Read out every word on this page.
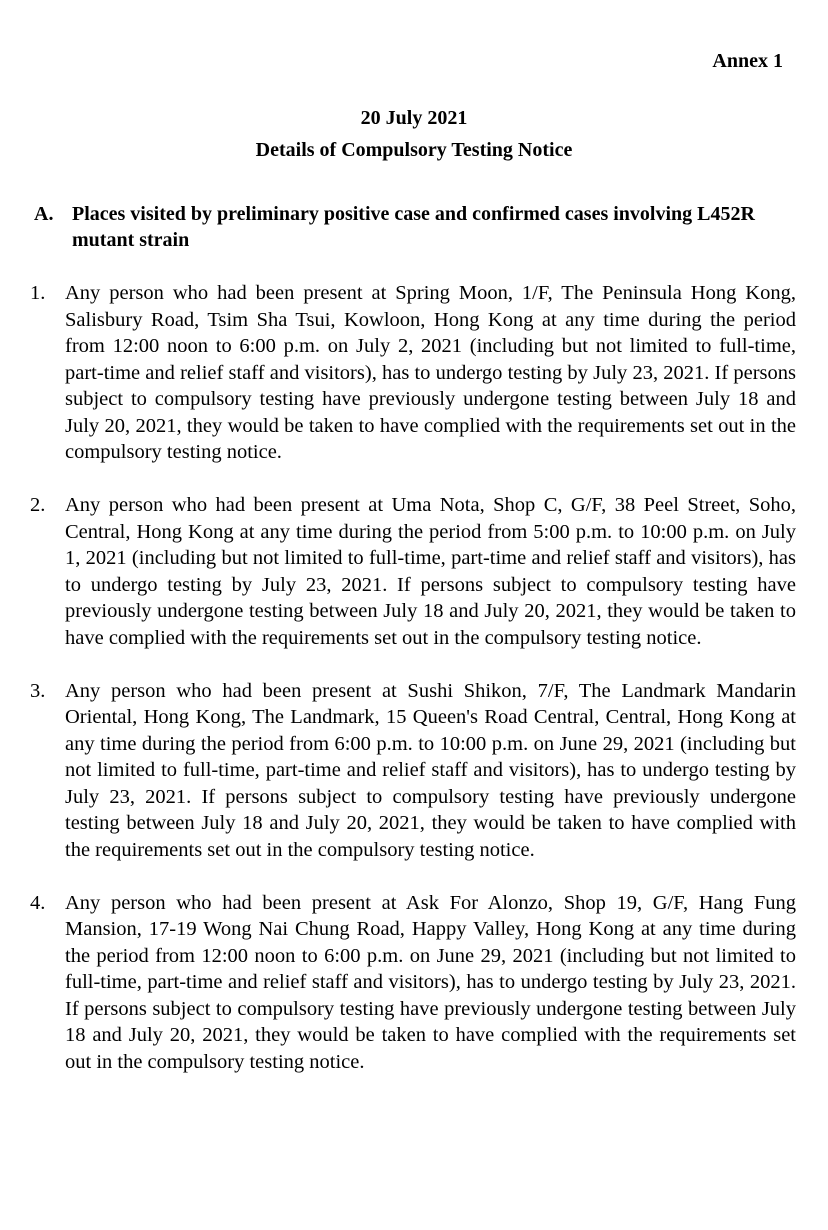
Annex 1
20 July 2021
Details of Compulsory Testing Notice
A. Places visited by preliminary positive case and confirmed cases involving L452R mutant strain
1. Any person who had been present at Spring Moon, 1/F, The Peninsula Hong Kong, Salisbury Road, Tsim Sha Tsui, Kowloon, Hong Kong at any time during the period from 12:00 noon to 6:00 p.m. on July 2, 2021 (including but not limited to full-time, part-time and relief staff and visitors), has to undergo testing by July 23, 2021. If persons subject to compulsory testing have previously undergone testing between July 18 and July 20, 2021, they would be taken to have complied with the requirements set out in the compulsory testing notice.
2. Any person who had been present at Uma Nota, Shop C, G/F, 38 Peel Street, Soho, Central, Hong Kong at any time during the period from 5:00 p.m. to 10:00 p.m. on July 1, 2021 (including but not limited to full-time, part-time and relief staff and visitors), has to undergo testing by July 23, 2021. If persons subject to compulsory testing have previously undergone testing between July 18 and July 20, 2021, they would be taken to have complied with the requirements set out in the compulsory testing notice.
3. Any person who had been present at Sushi Shikon, 7/F, The Landmark Mandarin Oriental, Hong Kong, The Landmark, 15 Queen's Road Central, Central, Hong Kong at any time during the period from 6:00 p.m. to 10:00 p.m. on June 29, 2021 (including but not limited to full-time, part-time and relief staff and visitors), has to undergo testing by July 23, 2021. If persons subject to compulsory testing have previously undergone testing between July 18 and July 20, 2021, they would be taken to have complied with the requirements set out in the compulsory testing notice.
4. Any person who had been present at Ask For Alonzo, Shop 19, G/F, Hang Fung Mansion, 17-19 Wong Nai Chung Road, Happy Valley, Hong Kong at any time during the period from 12:00 noon to 6:00 p.m. on June 29, 2021 (including but not limited to full-time, part-time and relief staff and visitors), has to undergo testing by July 23, 2021. If persons subject to compulsory testing have previously undergone testing between July 18 and July 20, 2021, they would be taken to have complied with the requirements set out in the compulsory testing notice.
